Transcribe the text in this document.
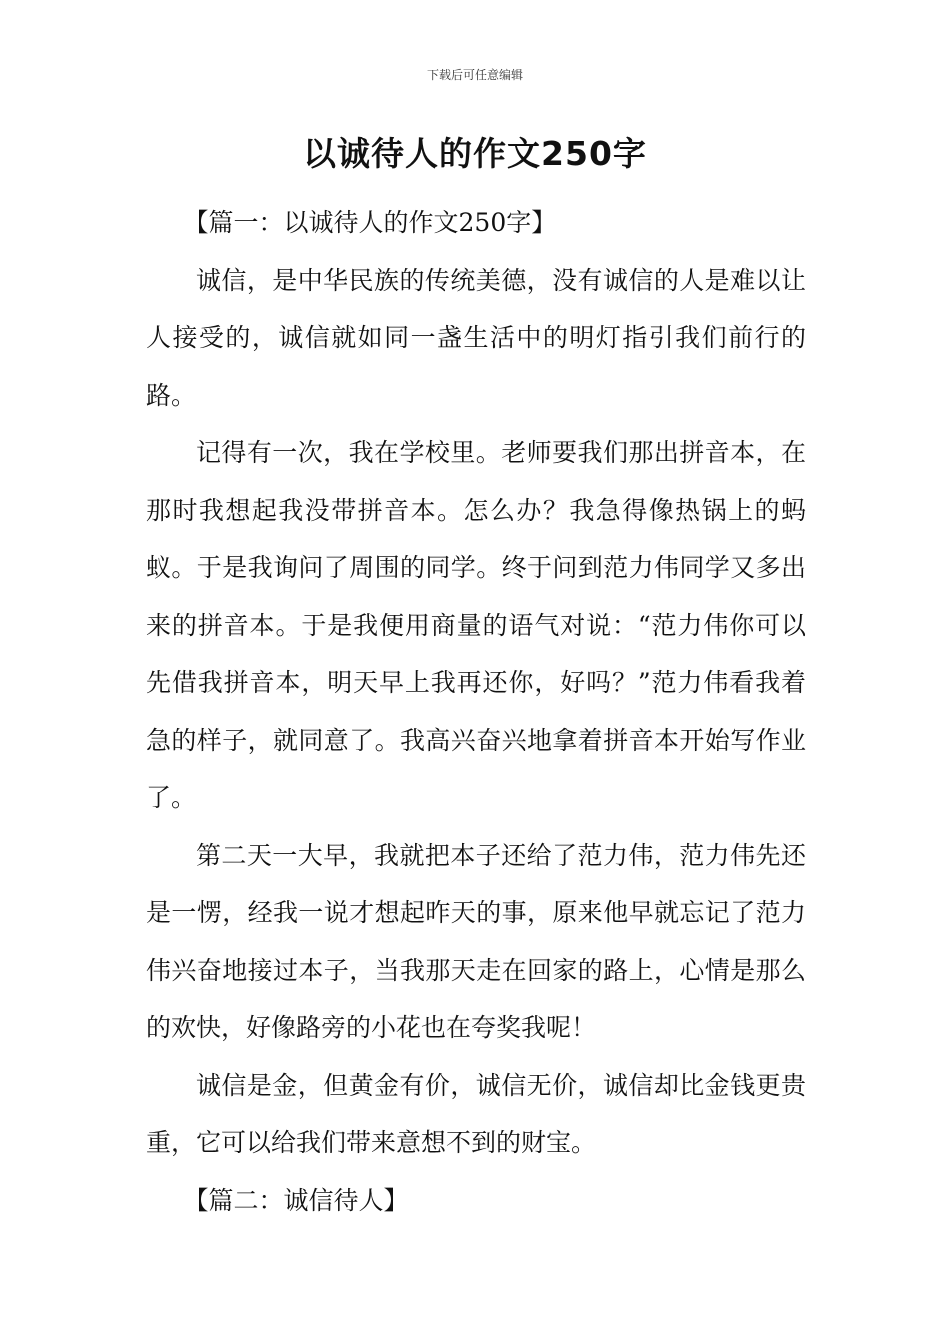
下载后可任意编辑
以诚待人的作文250字

【篇一：以诚待人的作文250字】

诚信，是中华民族的传统美德，没有诚信的人是难以让人接受的，诚信就如同一盏生活中的明灯指引我们前行的路。

记得有一次，我在学校里。老师要我们那出拼音本，在那时我想起我没带拼音本。怎么办？我急得像热锅上的蚂蚁。于是我询问了周围的同学。终于问到范力伟同学又多出来的拼音本。于是我便用商量的语气对说：“范力伟你可以先借我拼音本，明天早上我再还你，好吗？”范力伟看我着急的样子，就同意了。我高兴奋兴地拿着拼音本开始写作业了。

第二天一大早，我就把本子还给了范力伟，范力伟先还是一愣，经我一说才想起昨天的事，原来他早就忘记了范力伟兴奋地接过本子，当我那天走在回家的路上，心情是那么的欢快，好像路旁的小花也在夸奖我呢！

诚信是金，但黄金有价，诚信无价，诚信却比金钱更贵重，它可以给我们带来意想不到的财宝。

【篇二：诚信待人】
